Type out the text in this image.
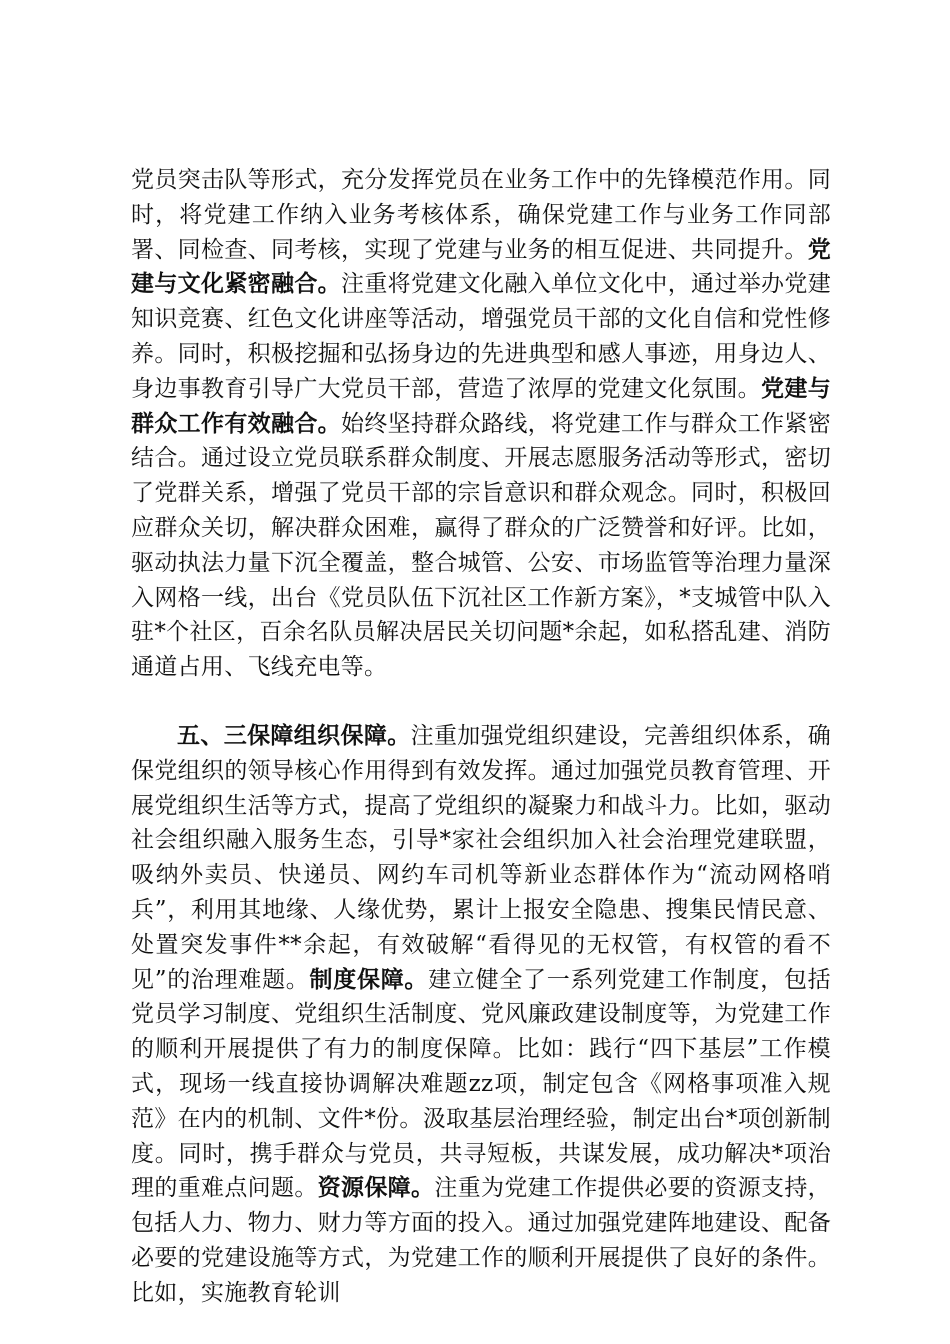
党员突击队等形式，充分发挥党员在业务工作中的先锋模范作用。同时，将党建工作纳入业务考核体系，确保党建工作与业务工作同部署、同检查、同考核，实现了党建与业务的相互促进、共同提升。党建与文化紧密融合。注重将党建文化融入单位文化中，通过举办党建知识竞赛、红色文化讲座等活动，增强党员干部的文化自信和党性修养。同时，积极挖掘和弘扬身边的先进典型和感人事迹，用身边人、身边事教育引导广大党员干部，营造了浓厚的党建文化氛围。党建与群众工作有效融合。始终坚持群众路线，将党建工作与群众工作紧密结合。通过设立党员联系群众制度、开展志愿服务活动等形式，密切了党群关系，增强了党员干部的宗旨意识和群众观念。同时，积极回应群众关切，解决群众困难，赢得了群众的广泛赞誉和好评。比如，驱动执法力量下沉全覆盖，整合城管、公安、市场监管等治理力量深入网格一线，出台《党员队伍下沉社区工作新方案》，*支城管中队入驻*个社区，百余名队员解决居民关切问题*余起，如私搭乱建、消防通道占用、飞线充电等。

五、三保障组织保障。注重加强党组织建设，完善组织体系，确保党组织的领导核心作用得到有效发挥。通过加强党员教育管理、开展党组织生活等方式，提高了党组织的凝聚力和战斗力。比如，驱动社会组织融入服务生态，引导*家社会组织加入社会治理党建联盟，吸纳外卖员、快递员、网约车司机等新业态群体作为“流动网格哨兵”，利用其地缘、人缘优势，累计上报安全隐患、搜集民情民意、处置突发事件**余起，有效破解“看得见的无权管，有权管的看不见”的治理难题。制度保障。建立健全了一系列党建工作制度，包括党员学习制度、党组织生活制度、党风廉政建设制度等，为党建工作的顺利开展提供了有力的制度保障。比如：践行“四下基层”工作模式，现场一线直接协调解决难题zz项，制定包含《网格事项准入规范》在内的机制、文件*份。汲取基层治理经验，制定出台*项创新制度。同时，携手群众与党员，共寻短板，共谋发展，成功解决*项治理的重难点问题。资源保障。注重为党建工作提供必要的资源支持，包括人力、物力、财力等方面的投入。通过加强党建阵地建设、配备必要的党建设施等方式，为党建工作的顺利开展提供了良好的条件。比如，实施教育轮训
